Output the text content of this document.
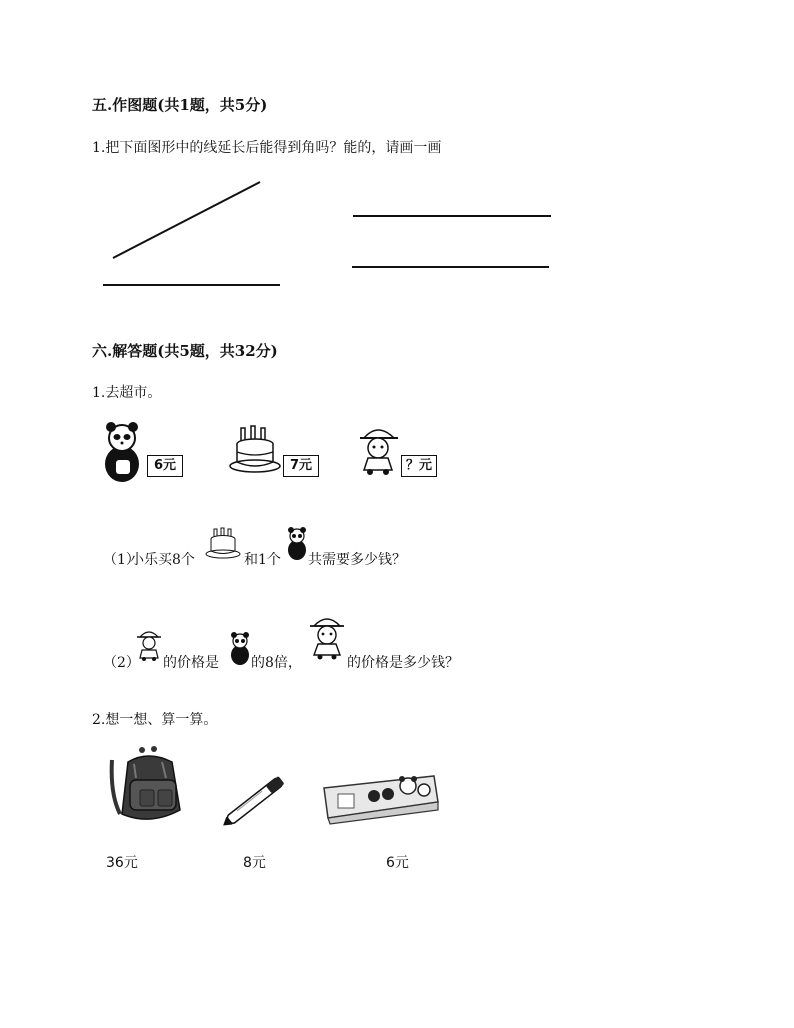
五.作图题(共1题，共5分)
1.把下面图形中的线延长后能得到角吗？能的，请画一画
六.解答题(共5题，共32分)
1.去超市。
6元	7元	？元
（1）
小乐买8个	和1个 共需要多少钱？
（2） 的价格是 的8倍，	的价格是多少钱？
2.想一想、算一算。
36元	8元	6元
